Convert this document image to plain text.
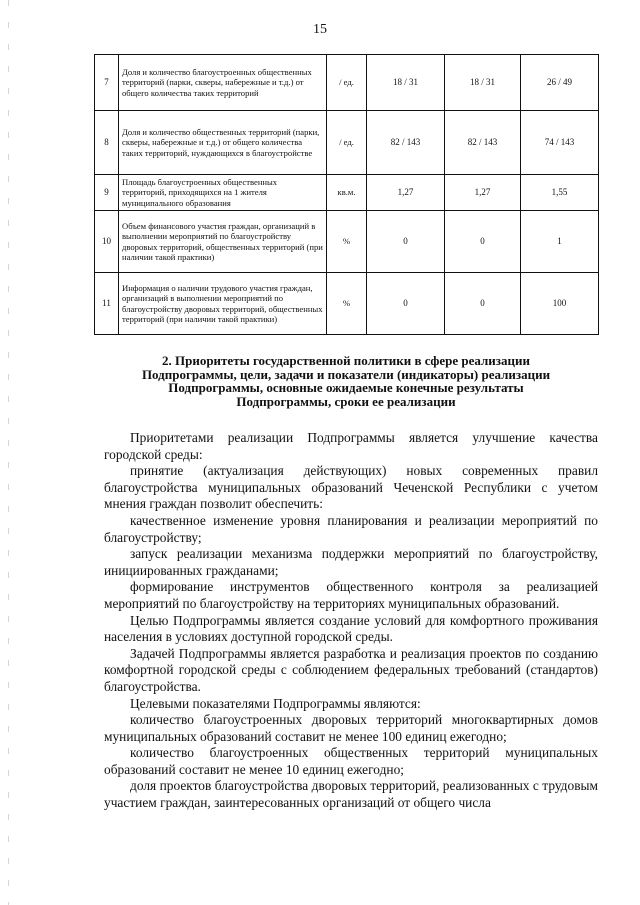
15
7	Доля и количество благоустроенных общественных территорий (парки, скверы, набережные и т.д.) от общего количества таких территорий	/ ед.	18 / 31	18 / 31	26 / 49
8	Доля и количество общественных территорий (парки, скверы, набережные и т.д.) от общего количества таких территорий, нуждающихся в благоустройстве	/ ед.	82 / 143	82 / 143	74 / 143
9	Площадь благоустроенных общественных территорий, приходящихся на 1 жителя муниципального образования	кв.м.	1,27	1,27	1,55
10	Объем финансового участия граждан, организаций в выполнении мероприятий по благоустройству дворовых территорий, общественных территорий (при наличии такой практики)	%	0	0	1
11	Информация о наличии трудового участия граждан, организаций в выполнении мероприятий по благоустройству дворовых территорий, общественных территорий (при наличии такой практики)	%	0	0	100
2. Приоритеты государственной политики в сфере реализации
Подпрограммы, цели, задачи и показатели (индикаторы) реализации
Подпрограммы, основные ожидаемые конечные результаты
Подпрограммы, сроки ее реализации

Приоритетами реализации Подпрограммы является улучшение качества городской среды:

принятие (актуализация действующих) новых современных правил благоустройства муниципальных образований Чеченской Республики с учетом мнения граждан позволит обеспечить:

качественное изменение уровня планирования и реализации мероприятий по благоустройству;

запуск реализации механизма поддержки мероприятий по благоустройству, инициированных гражданами;

формирование инструментов общественного контроля за реализацией мероприятий по благоустройству на территориях муниципальных образований.

Целью Подпрограммы является создание условий для комфортного проживания населения в условиях доступной городской среды.

Задачей Подпрограммы является разработка и реализация проектов по созданию комфортной городской среды с соблюдением федеральных требований (стандартов) благоустройства.

Целевыми показателями Подпрограммы являются:

количество благоустроенных дворовых территорий многоквартирных домов муниципальных образований составит не менее 100 единиц ежегодно;

количество благоустроенных общественных территорий муниципальных образований составит не менее 10 единиц ежегодно;

доля проектов благоустройства дворовых территорий, реализованных с трудовым участием граждан, заинтересованных организаций от общего числа
